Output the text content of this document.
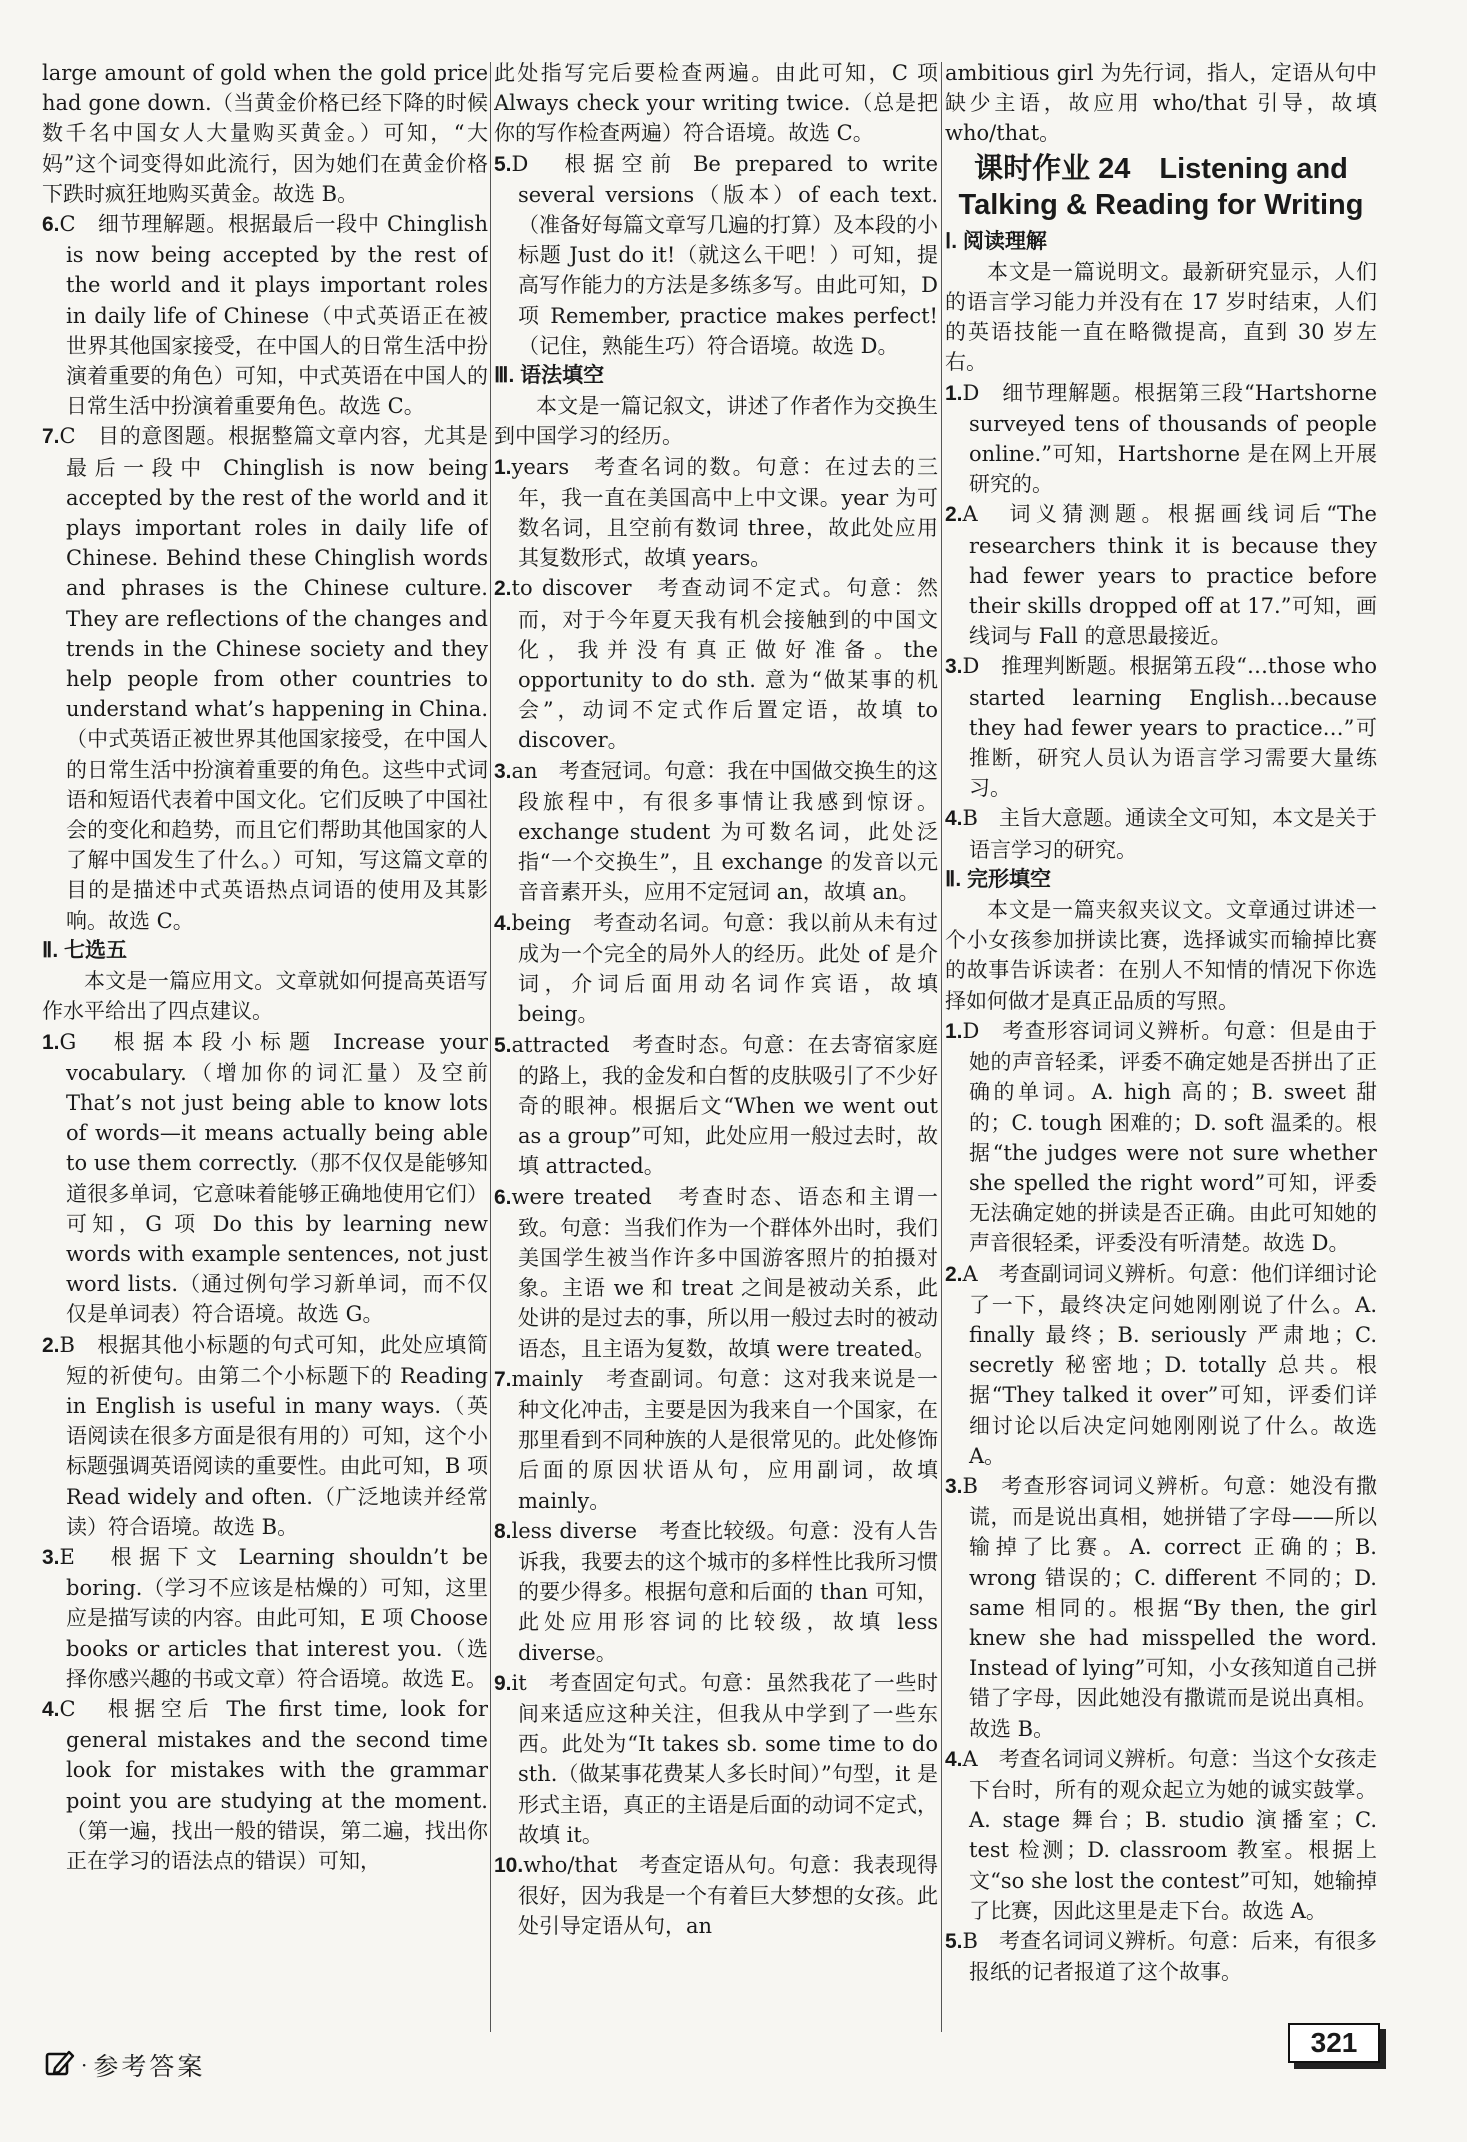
large amount of gold when the gold price had gone down.（当黄金价格已经下降的时候数千名中国女人大量购买黄金。）可知，“大妈”这个词变得如此流行，因为她们在黄金价格下跌时疯狂地购买黄金。故选 B。

6.C　细节理解题。根据最后一段中 Chinglish is now being accepted by the rest of the world and it plays important roles in daily life of Chinese（中式英语正在被世界其他国家接受，在中国人的日常生活中扮演着重要的角色）可知，中式英语在中国人的日常生活中扮演着重要角色。故选 C。

7.C　目的意图题。根据整篇文章内容，尤其是最后一段中 Chinglish is now being accepted by the rest of the world and it plays important roles in daily life of Chinese. Behind these Chinglish words and phrases is the Chinese culture. They are reflections of the changes and trends in the Chinese society and they help people from other countries to understand what’s happening in China.（中式英语正被世界其他国家接受，在中国人的日常生活中扮演着重要的角色。这些中式词语和短语代表着中国文化。它们反映了中国社会的变化和趋势，而且它们帮助其他国家的人了解中国发生了什么。）可知，写这篇文章的目的是描述中式英语热点词语的使用及其影响。故选 C。

Ⅱ. 七选五

本文是一篇应用文。文章就如何提高英语写作水平给出了四点建议。

1.G　根据本段小标题 Increase your vocabulary.（增加你的词汇量）及空前 That’s not just being able to know lots of words—it means actually being able to use them correctly.（那不仅仅是能够知道很多单词，它意味着能够正确地使用它们）可知，G 项 Do this by learning new words with example sentences, not just word lists.（通过例句学习新单词，而不仅仅是单词表）符合语境。故选 G。

2.B　根据其他小标题的句式可知，此处应填简短的祈使句。由第二个小标题下的 Reading in English is useful in many ways.（英语阅读在很多方面是很有用的）可知，这个小标题强调英语阅读的重要性。由此可知，B 项 Read widely and often.（广泛地读并经常读）符合语境。故选 B。

3.E　根据下文 Learning shouldn’t be boring.（学习不应该是枯燥的）可知，这里应是描写读的内容。由此可知，E 项 Choose books or articles that interest you.（选择你感兴趣的书或文章）符合语境。故选 E。

4.C　根据空后 The first time, look for general mistakes and the second time look for mistakes with the grammar point you are studying at the moment.（第一遍，找出一般的错误，第二遍，找出你正在学习的语法点的错误）可知，

此处指写完后要检查两遍。由此可知，C 项 Always check your writing twice.（总是把你的写作检查两遍）符合语境。故选 C。

5.D　根据空前 Be prepared to write several versions（版本）of each text.（准备好每篇文章写几遍的打算）及本段的小标题 Just do it!（就这么干吧！）可知，提高写作能力的方法是多练多写。由此可知，D 项 Remember, practice makes perfect!（记住，熟能生巧）符合语境。故选 D。

Ⅲ. 语法填空

本文是一篇记叙文，讲述了作者作为交换生到中国学习的经历。

1.years　考查名词的数。句意：在过去的三年，我一直在美国高中上中文课。year 为可数名词，且空前有数词 three，故此处应用其复数形式，故填 years。

2.to discover　考查动词不定式。句意：然而，对于今年夏天我有机会接触到的中国文化，我并没有真正做好准备。the opportunity to do sth. 意为“做某事的机会”，动词不定式作后置定语，故填 to discover。

3.an　考查冠词。句意：我在中国做交换生的这段旅程中，有很多事情让我感到惊讶。exchange student 为可数名词，此处泛指“一个交换生”，且 exchange 的发音以元音音素开头，应用不定冠词 an，故填 an。

4.being　考查动名词。句意：我以前从未有过成为一个完全的局外人的经历。此处 of 是介词，介词后面用动名词作宾语，故填 being。

5.attracted　考查时态。句意：在去寄宿家庭的路上，我的金发和白皙的皮肤吸引了不少好奇的眼神。根据后文“When we went out as a group”可知，此处应用一般过去时，故填 attracted。

6.were treated　考查时态、语态和主谓一致。句意：当我们作为一个群体外出时，我们美国学生被当作许多中国游客照片的拍摄对象。主语 we 和 treat 之间是被动关系，此处讲的是过去的事，所以用一般过去时的被动语态，且主语为复数，故填 were treated。

7.mainly　考查副词。句意：这对我来说是一种文化冲击，主要是因为我来自一个国家，在那里看到不同种族的人是很常见的。此处修饰后面的原因状语从句，应用副词，故填 mainly。

8.less diverse　考查比较级。句意：没有人告诉我，我要去的这个城市的多样性比我所习惯的要少得多。根据句意和后面的 than 可知，此处应用形容词的比较级，故填 less diverse。

9.it　考查固定句式。句意：虽然我花了一些时间来适应这种关注，但我从中学到了一些东西。此处为“It takes sb. some time to do sth.（做某事花费某人多长时间）”句型，it 是形式主语，真正的主语是后面的动词不定式，故填 it。

10.who/that　考查定语从句。句意：我表现得很好，因为我是一个有着巨大梦想的女孩。此处引导定语从句，an

ambitious girl 为先行词，指人，定语从句中缺少主语，故应用 who/that 引导，故填 who/that。

课时作业 24　Listening and Talking & Reading for Writing

Ⅰ. 阅读理解

本文是一篇说明文。最新研究显示，人们的语言学习能力并没有在 17 岁时结束，人们的英语技能一直在略微提高，直到 30 岁左右。

1.D　细节理解题。根据第三段“Hartshorne surveyed tens of thousands of people online.”可知，Hartshorne 是在网上开展研究的。

2.A　词义猜测题。根据画线词后“The researchers think it is because they had fewer years to practice before their skills dropped off at 17.”可知，画线词与 Fall 的意思最接近。

3.D　推理判断题。根据第五段“…those who started learning English…because they had fewer years to practice…”可推断，研究人员认为语言学习需要大量练习。

4.B　主旨大意题。通读全文可知，本文是关于语言学习的研究。

Ⅱ. 完形填空

本文是一篇夹叙夹议文。文章通过讲述一个小女孩参加拼读比赛，选择诚实而输掉比赛的故事告诉读者：在别人不知情的情况下你选择如何做才是真正品质的写照。

1.D　考查形容词词义辨析。句意：但是由于她的声音轻柔，评委不确定她是否拼出了正确的单词。A. high 高的；B. sweet 甜的；C. tough 困难的；D. soft 温柔的。根据“the judges were not sure whether she spelled the right word”可知，评委无法确定她的拼读是否正确。由此可知她的声音很轻柔，评委没有听清楚。故选 D。

2.A　考查副词词义辨析。句意：他们详细讨论了一下，最终决定问她刚刚说了什么。A. finally 最终；B. seriously 严肃地；C. secretly 秘密地；D. totally 总共。根据“They talked it over”可知，评委们详细讨论以后决定问她刚刚说了什么。故选 A。

3.B　考查形容词词义辨析。句意：她没有撒谎，而是说出真相，她拼错了字母——所以输掉了比赛。A. correct 正确的；B. wrong 错误的；C. different 不同的；D. same 相同的。根据“By then, the girl knew she had misspelled the word. Instead of lying”可知，小女孩知道自己拼错了字母，因此她没有撒谎而是说出真相。故选 B。

4.A　考查名词词义辨析。句意：当这个女孩走下台时，所有的观众起立为她的诚实鼓掌。A. stage 舞台；B. studio 演播室；C. test 检测；D. classroom 教室。根据上文“so she lost the contest”可知，她输掉了比赛，因此这里是走下台。故选 A。

5.B　考查名词词义辨析。句意：后来，有很多报纸的记者报道了这个故事。

· 参考答案
321
